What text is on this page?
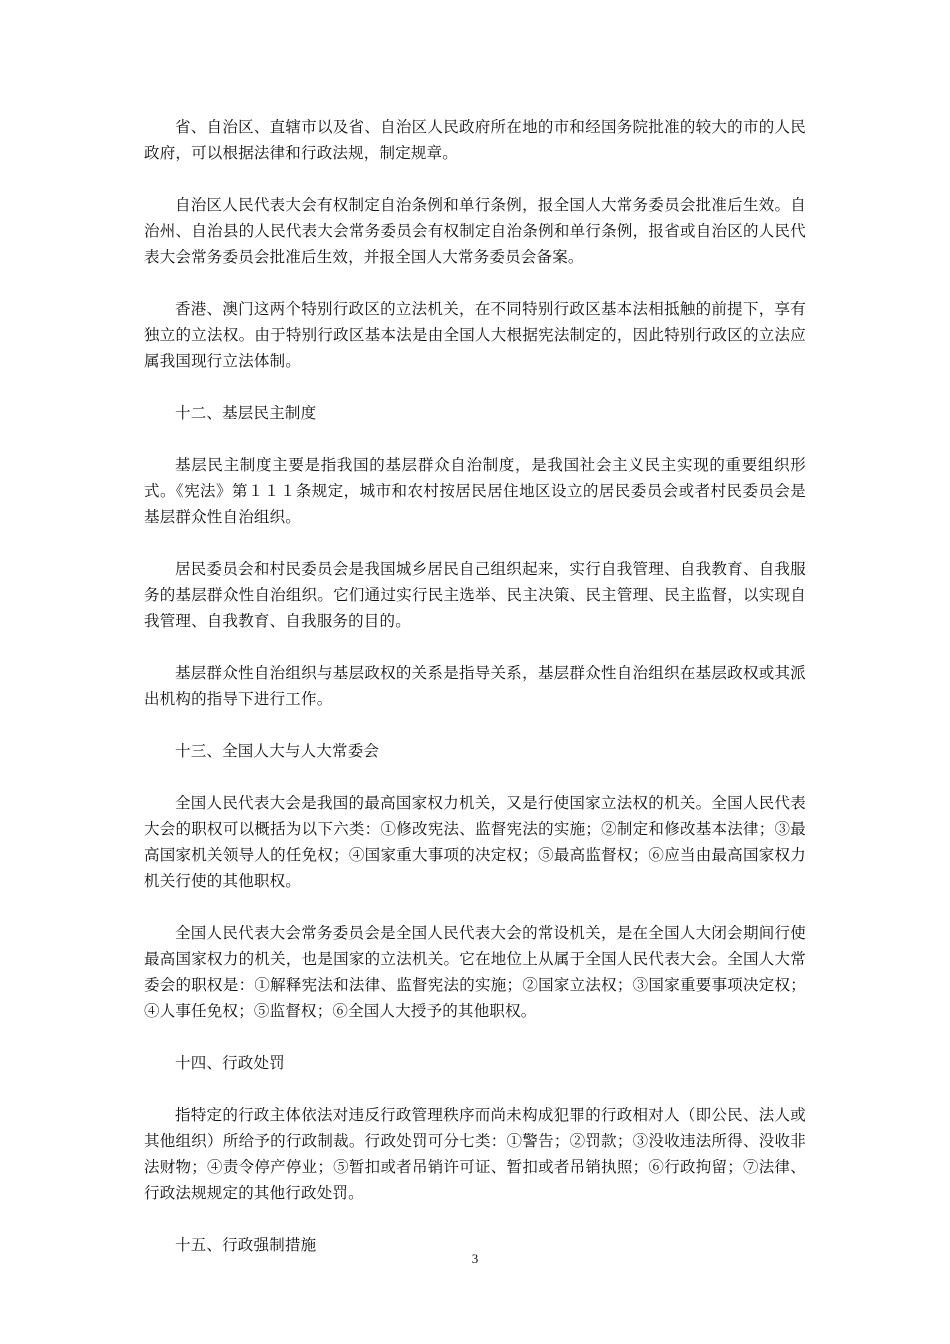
省、自治区、直辖市以及省、自治区人民政府所在地的市和经国务院批准的较大的市的人民政府，可以根据法律和行政法规，制定规章。

自治区人民代表大会有权制定自治条例和单行条例，报全国人大常务委员会批准后生效。自治州、自治县的人民代表大会常务委员会有权制定自治条例和单行条例，报省或自治区的人民代表大会常务委员会批准后生效，并报全国人大常务委员会备案。

香港、澳门这两个特别行政区的立法机关，在不同特别行政区基本法相抵触的前提下，享有独立的立法权。由于特别行政区基本法是由全国人大根据宪法制定的，因此特别行政区的立法应属我国现行立法体制。

十二、基层民主制度

基层民主制度主要是指我国的基层群众自治制度，是我国社会主义民主实现的重要组织形式。《宪法》第１１１条规定，城市和农村按居民居住地区设立的居民委员会或者村民委员会是基层群众性自治组织。

居民委员会和村民委员会是我国城乡居民自己组织起来，实行自我管理、自我教育、自我服务的基层群众性自治组织。它们通过实行民主选举、民主决策、民主管理、民主监督，以实现自我管理、自我教育、自我服务的目的。

基层群众性自治组织与基层政权的关系是指导关系，基层群众性自治组织在基层政权或其派出机构的指导下进行工作。

十三、全国人大与人大常委会

全国人民代表大会是我国的最高国家权力机关，又是行使国家立法权的机关。全国人民代表大会的职权可以概括为以下六类：①修改宪法、监督宪法的实施；②制定和修改基本法律；③最高国家机关领导人的任免权；④国家重大事项的决定权；⑤最高监督权；⑥应当由最高国家权力机关行使的其他职权。

全国人民代表大会常务委员会是全国人民代表大会的常设机关，是在全国人大闭会期间行使最高国家权力的机关，也是国家的立法机关。它在地位上从属于全国人民代表大会。全国人大常委会的职权是：①解释宪法和法律、监督宪法的实施；②国家立法权；③国家重要事项决定权；④人事任免权；⑤监督权；⑥全国人大授予的其他职权。

十四、行政处罚

指特定的行政主体依法对违反行政管理秩序而尚未构成犯罪的行政相对人（即公民、法人或其他组织）所给予的行政制裁。行政处罚可分七类：①警告；②罚款；③没收违法所得、没收非法财物；④责令停产停业；⑤暂扣或者吊销许可证、暂扣或者吊销执照；⑥行政拘留；⑦法律、行政法规规定的其他行政处罚。

十五、行政强制措施

3
